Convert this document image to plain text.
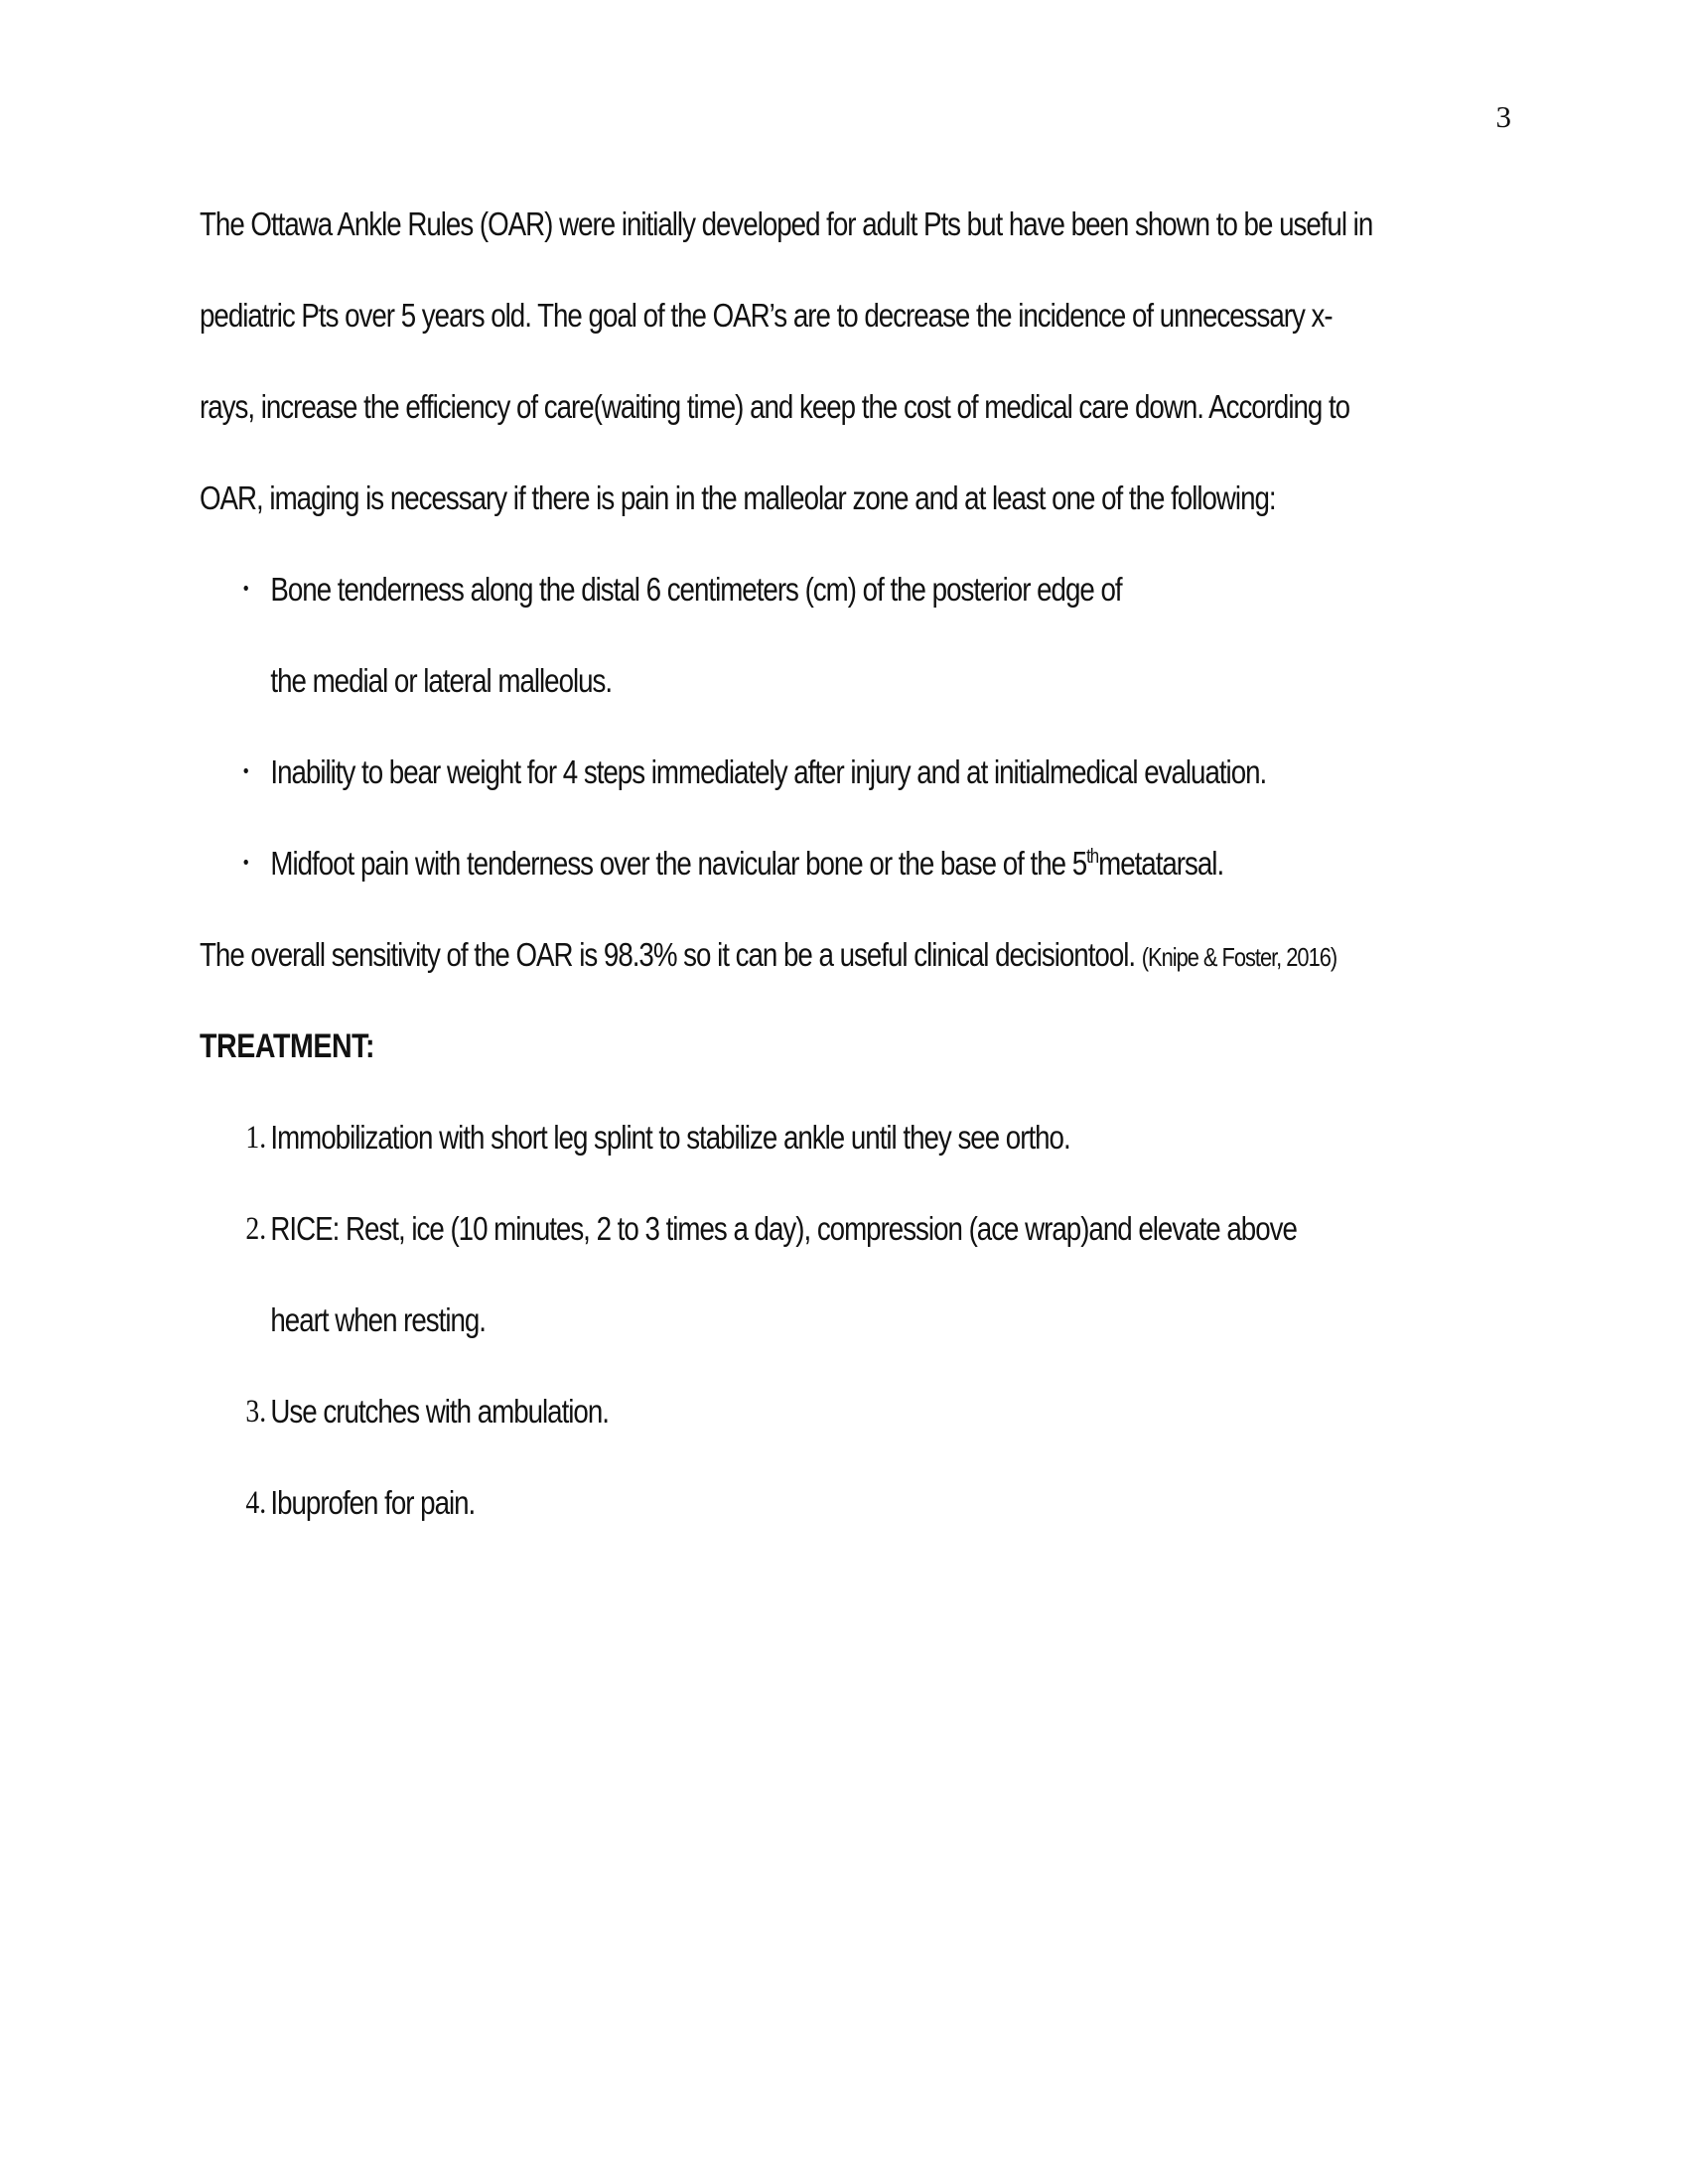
3
The Ottawa Ankle Rules (OAR) were initially developed for adult Pts but have been shown to be useful in
pediatric Pts over 5 years old. The goal of the OAR’s are to decrease the incidence of unnecessary x-
rays, increase the efficiency of care(waiting time) and keep the cost of medical care down. According to
OAR, imaging is necessary if there is pain in the malleolar zone and at least one of the following:
• Bone tenderness along the distal 6 centimeters (cm) of the posterior edge of
the medial or lateral malleolus.
• Inability to bear weight for 4 steps immediately after injury and at initialmedical evaluation.
• Midfoot pain with tenderness over the navicular bone or the base of the 5thmetatarsal.
The overall sensitivity of the OAR is 98.3% so it can be a useful clinical decisiontool. (Knipe & Foster, 2016)
TREATMENT:
1. Immobilization with short leg splint to stabilize ankle until they see ortho.
2. RICE: Rest, ice (10 minutes, 2 to 3 times a day), compression (ace wrap)and elevate above
heart when resting.
3. Use crutches with ambulation.
4. Ibuprofen for pain.
